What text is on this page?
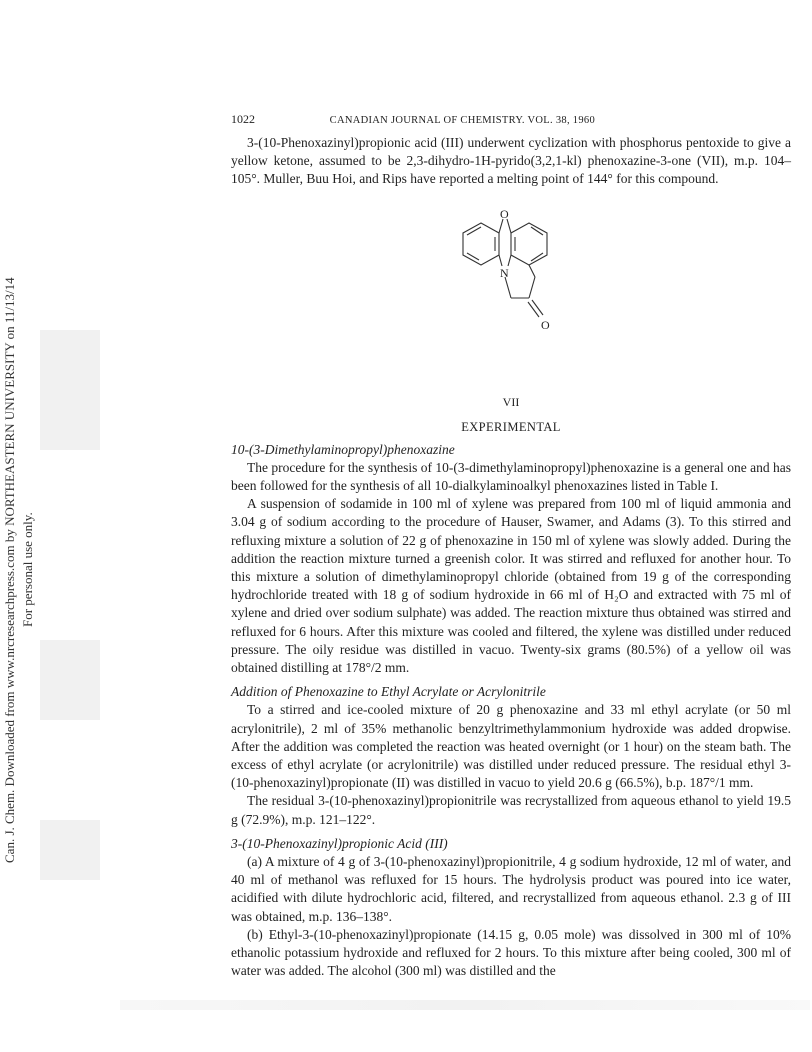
Can. J. Chem. Downloaded from www.nrcresearchpress.com by NORTHEASTERN UNIVERSITY on 11/13/14 For personal use only.
1022	CANADIAN JOURNAL OF CHEMISTRY. VOL. 38, 1960

3-(10-Phenoxazinyl)propionic acid (III) underwent cyclization with phosphorus pentoxide to give a yellow ketone, assumed to be 2,3-dihydro-1H-pyrido(3,2,1-kl) phenoxazine-3-one (VII), m.p. 104–105°. Muller, Buu Hoi, and Rips have reported a melting point of 144° for this compound.

O
N
O
VII
EXPERIMENTAL
10-(3-Dimethylaminopropyl)phenoxazine

The procedure for the synthesis of 10-(3-dimethylaminopropyl)phenoxazine is a general one and has been followed for the synthesis of all 10-dialkylaminoalkyl phenoxazines listed in Table I.

A suspension of sodamide in 100 ml of xylene was prepared from 100 ml of liquid ammonia and 3.04 g of sodium according to the procedure of Hauser, Swamer, and Adams (3). To this stirred and refluxing mixture a solution of 22 g of phenoxazine in 150 ml of xylene was slowly added. During the addition the reaction mixture turned a greenish color. It was stirred and refluxed for another hour. To this mixture a solution of dimethylaminopropyl chloride (obtained from 19 g of the corresponding hydrochloride treated with 18 g of sodium hydroxide in 66 ml of H₂O and extracted with 75 ml of xylene and dried over sodium sulphate) was added. The reaction mixture thus obtained was stirred and refluxed for 6 hours. After this mixture was cooled and filtered, the xylene was distilled under reduced pressure. The oily residue was distilled in vacuo. Twenty-six grams (80.5%) of a yellow oil was obtained distilling at 178°/2 mm.

Addition of Phenoxazine to Ethyl Acrylate or Acrylonitrile

To a stirred and ice-cooled mixture of 20 g phenoxazine and 33 ml ethyl acrylate (or 50 ml acrylonitrile), 2 ml of 35% methanolic benzyltrimethylammonium hydroxide was added dropwise. After the addition was completed the reaction was heated overnight (or 1 hour) on the steam bath. The excess of ethyl acrylate (or acrylonitrile) was distilled under reduced pressure. The residual ethyl 3-(10-phenoxazinyl)propionate (II) was distilled in vacuo to yield 20.6 g (66.5%), b.p. 187°/1 mm.

The residual 3-(10-phenoxazinyl)propionitrile was recrystallized from aqueous ethanol to yield 19.5 g (72.9%), m.p. 121–122°.

3-(10-Phenoxazinyl)propionic Acid (III)

(a) A mixture of 4 g of 3-(10-phenoxazinyl)propionitrile, 4 g sodium hydroxide, 12 ml of water, and 40 ml of methanol was refluxed for 15 hours. The hydrolysis product was poured into ice water, acidified with dilute hydrochloric acid, filtered, and recrystallized from aqueous ethanol. 2.3 g of III was obtained, m.p. 136–138°.

(b) Ethyl-3-(10-phenoxazinyl)propionate (14.15 g, 0.05 mole) was dissolved in 300 ml of 10% ethanolic potassium hydroxide and refluxed for 2 hours. To this mixture after being cooled, 300 ml of water was added. The alcohol (300 ml) was distilled and the
